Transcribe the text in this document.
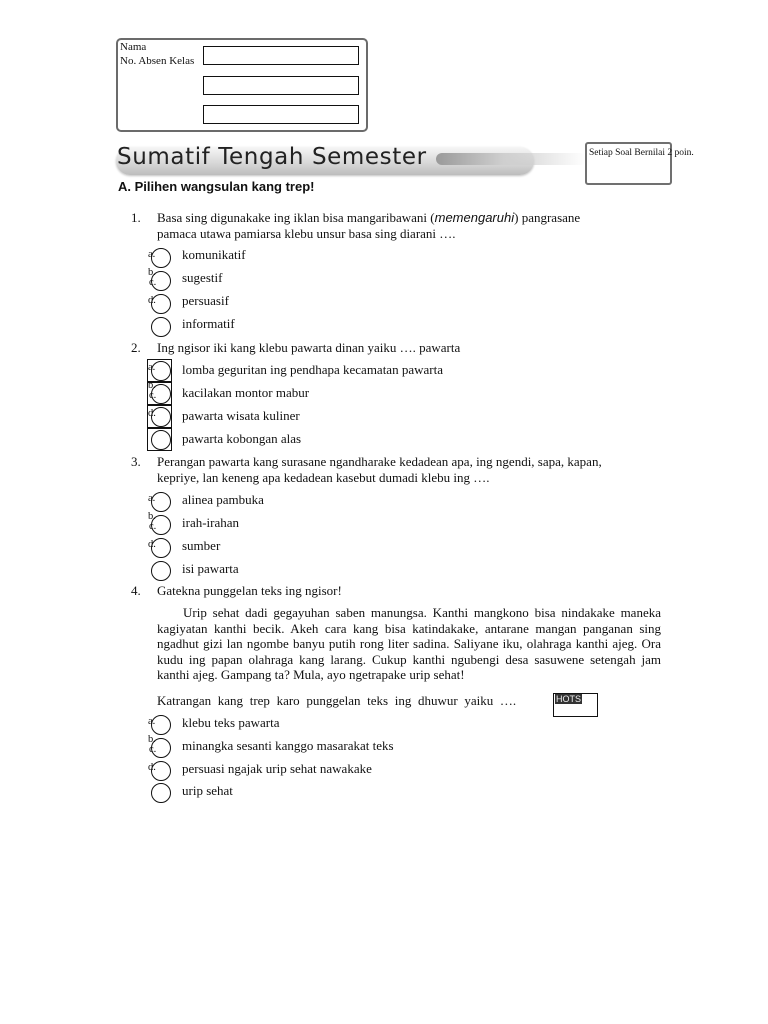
Nama
No. Absen Kelas
Sumatif Tengah Semester	Setiap Soal Bernilai 2 poin.
A. Pilihen wangsulan kang trep!
1. Basa sing digunakake ing iklan bisa mangaribawani (memengaruhi) pangrasane
pamaca utawa pamiarsa klebu unsur basa sing diarani ….
a.
b.
c.
d.
komunikatif
sugestif
persuasif
informatif
2. Ing ngisor iki kang klebu pawarta dinan yaiku …. pawarta
a.
b.
c.
d.
lomba geguritan ing pendhapa kecamatan pawarta
kacilakan montor mabur
pawarta wisata kuliner
pawarta kobongan alas
3. Perangan pawarta kang surasane ngandharake kedadean apa, ing ngendi, sapa, kapan,
kepriye, lan keneng apa kedadean kasebut dumadi klebu ing ….
a.
b.
c.
d.
alinea pambuka
irah-irahan
sumber
isi pawarta
4. Gatekna punggelan teks ing ngisor!
Urip sehat dadi gegayuhan saben manungsa. Kanthi mangkono bisa nindakake maneka kagiyatan kanthi becik. Akeh cara kang bisa katindakake, antarane mangan panganan sing ngadhut gizi lan ngombe banyu putih rong liter sadina. Saliyane iku, olahraga kanthi ajeg. Ora kudu ing papan olahraga kang larang. Cukup kanthi ngubengi desa sasuwene setengah jam kanthi ajeg. Gampang ta? Mula, ayo ngetrapake urip sehat!
Katrangan kang trep karo punggelan teks ing dhuwur yaiku ….	HOTS
a.
b.
c.
d.
klebu teks pawarta
minangka sesanti kanggo masarakat teks
persuasi ngajak urip sehat nawakake
urip sehat
